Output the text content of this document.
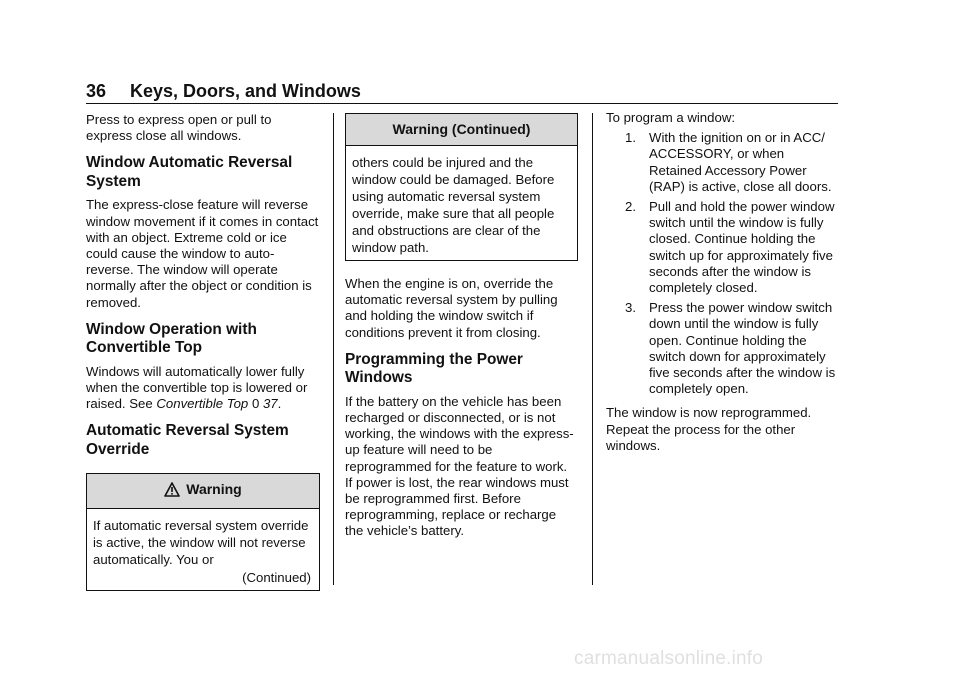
36 Keys, Doors, and Windows

Press to express open or pull to express close all windows.

Window Automatic Reversal System

The express-close feature will reverse window movement if it comes in contact with an object. Extreme cold or ice could cause the window to auto-reverse. The window will operate normally after the object or condition is removed.

Window Operation with Convertible Top

Windows will automatically lower fully when the convertible top is lowered or raised. See Convertible Top 0 37.

Automatic Reversal System Override
Warning
If automatic reversal system override is active, the window will not reverse automatically. You or
(Continued)
Warning (Continued)
others could be injured and the window could be damaged. Before using automatic reversal system override, make sure that all people and obstructions are clear of the window path.

When the engine is on, override the automatic reversal system by pulling and holding the window switch if conditions prevent it from closing.

Programming the Power Windows

If the battery on the vehicle has been recharged or disconnected, or is not working, the windows with the express-up feature will need to be reprogrammed for the feature to work. If power is lost, the rear windows must be reprogrammed first. Before reprogramming, replace or recharge the vehicle’s battery.

To program a window:

1. With the ignition on or in ACC/ ACCESSORY, or when Retained Accessory Power (RAP) is active, close all doors.
2. Pull and hold the power window switch until the window is fully closed. Continue holding the switch up for approximately five seconds after the window is completely closed.
3. Press the power window switch down until the window is fully open. Continue holding the switch down for approximately five seconds after the window is completely open.

The window is now reprogrammed. Repeat the process for the other windows.

carmanualsonline.info
